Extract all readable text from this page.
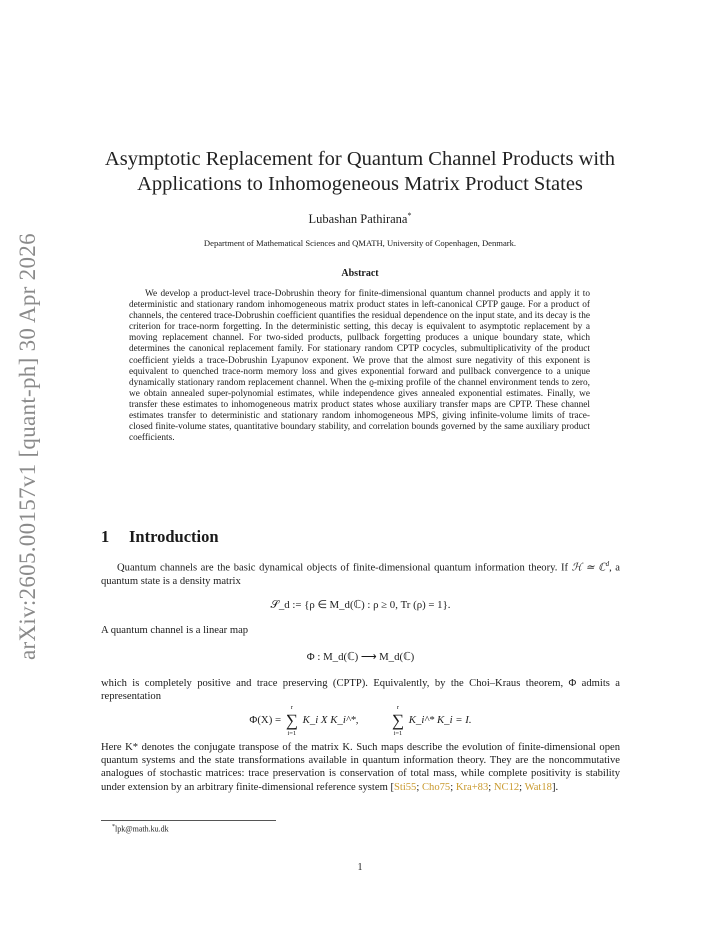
arXiv:2605.00157v1 [quant-ph] 30 Apr 2026
Asymptotic Replacement for Quantum Channel Products with
Applications to Inhomogeneous Matrix Product States
Lubashan Pathirana*
Department of Mathematical Sciences and QMATH, University of Copenhagen, Denmark.
Abstract

We develop a product-level trace-Dobrushin theory for finite-dimensional quantum channel products and apply it to deterministic and stationary random inhomogeneous matrix product states in left-canonical CPTP gauge. For a product of channels, the centered trace-Dobrushin coefficient quantifies the residual dependence on the input state, and its decay is the criterion for trace-norm forgetting. In the deterministic setting, this decay is equivalent to asymptotic replacement by a moving replacement channel. For two-sided products, pullback forgetting produces a unique boundary state, which determines the canonical replacement family. For stationary random CPTP cocycles, submultiplicativity of the product coefficient yields a trace-Dobrushin Lyapunov exponent. We prove that the almost sure negativity of this exponent is equivalent to quenched trace-norm memory loss and gives exponential forward and pullback convergence to a unique dynamically stationary random replacement channel. When the ϱ-mixing profile of the channel environment tends to zero, we obtain annealed super-polynomial estimates, while independence gives annealed exponential estimates. Finally, we transfer these estimates to inhomogeneous matrix product states whose auxiliary transfer maps are CPTP. These channel estimates transfer to deterministic and stationary random inhomogeneous MPS, giving infinite-volume limits of trace-closed finite-volume states, quantitative boundary stability, and correlation bounds governed by the same auxiliary product coefficients.

1 Introduction

Quantum channels are the basic dynamical objects of finite-dimensional quantum information theory. If ℋ ≃ ℂ$^d$, a quantum state is a density matrix

𝒮_d := {ρ ∈ M_d(ℂ) : ρ ≥ 0, Tr (ρ) = 1}.

A quantum channel is a linear map

Φ : M_d(ℂ) ⟶ M_d(ℂ)

which is completely positive and trace preserving (CPTP). Equivalently, by the Choi–Kraus theorem, Φ admits a representation

Φ(X) =
r
∑
i=1
K_i X K_i^*,
r
∑
i=1
K_i^* K_i = I.

Here K* denotes the conjugate transpose of the matrix K. Such maps describe the evolution of finite-dimensional open quantum systems and the state transformations available in quantum information theory. They are the noncommutative analogues of stochastic matrices: trace preservation is conservation of total mass, while complete positivity is stability under extension by an arbitrary finite-dimensional reference system [Sti55; Cho75; Kra+83; NC12; Wat18].

*lpk@math.ku.dk
1
